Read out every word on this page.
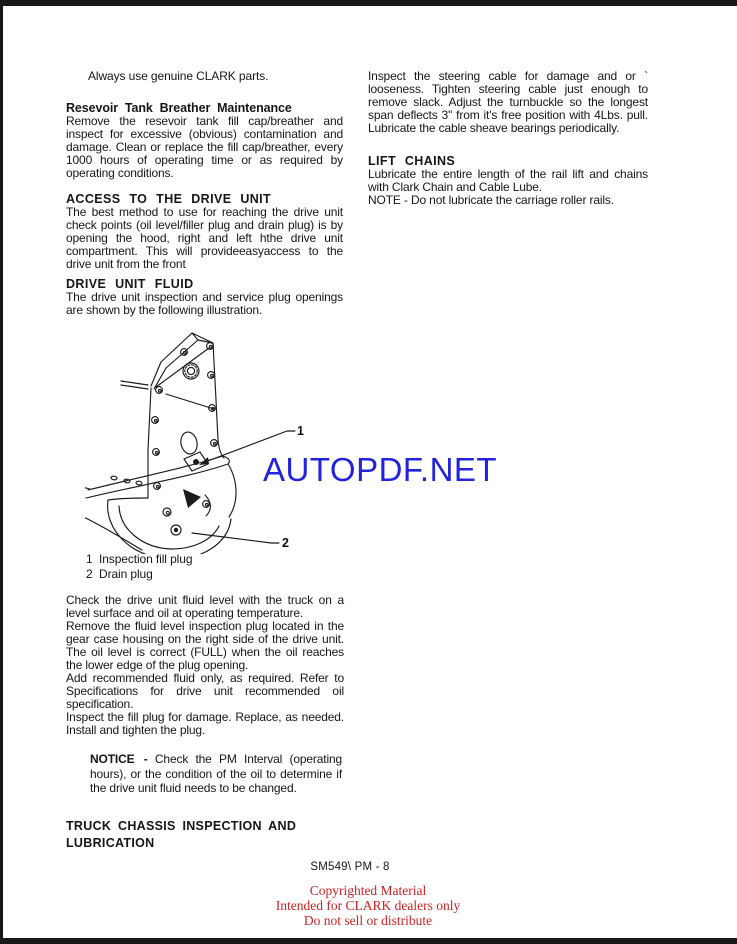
Always use genuine CLARK parts.

Resevoir Tank Breather Maintenance

Remove the resevoir tank fill cap/breather and inspect for excessive (obvious) contamination and damage. Clean or replace the fill cap/breather, every 1000 hours of operating time or as required by operating conditions.

ACCESS TO THE DRIVE UNIT

The best method to use for reaching the drive unit check points (oil level/filler plug and drain plug) is by opening the hood, right and left hthe drive unit compartment. This will provideeasyaccess to the drive unit from the front

DRIVE UNIT FLUID

The drive unit inspection and service plug openings are shown by the following illustration.

1
2
AUTOPDF.NET
1 Inspection fill plug
2 Drain plug

Check the drive unit fluid level with the truck on a level surface and oil at operating temperature.

Remove the fluid level inspection plug located in the gear case housing on the right side of the drive unit. The oil level is correct (FULL) when the oil reaches the lower edge of the plug opening.

Add recommended fluid only, as required. Refer to Specifications for drive unit recommended oil specification.

Inspect the fill plug for damage. Replace, as needed. Install and tighten the plug.

NOTICE - Check the PM Interval (operating hours), or the condition of the oil to determine if the drive unit fluid needs to be changed.

TRUCK CHASSIS INSPECTION AND LUBRICATION

Inspect the steering cable for damage and or ` looseness. Tighten steering cable just enough to remove slack. Adjust the turnbuckle so the longest span deflects 3" from it's free position with 4Lbs. pull. Lubricate the cable sheave bearings periodically.

LIFT CHAINS

Lubricate the entire length of the rail lift and chains with Clark Chain and Cable Lube.

NOTE - Do not lubricate the carriage roller rails.

SM549\ PM - 8
Copyrighted Material
Intended for CLARK dealers only
Do not sell or distribute
